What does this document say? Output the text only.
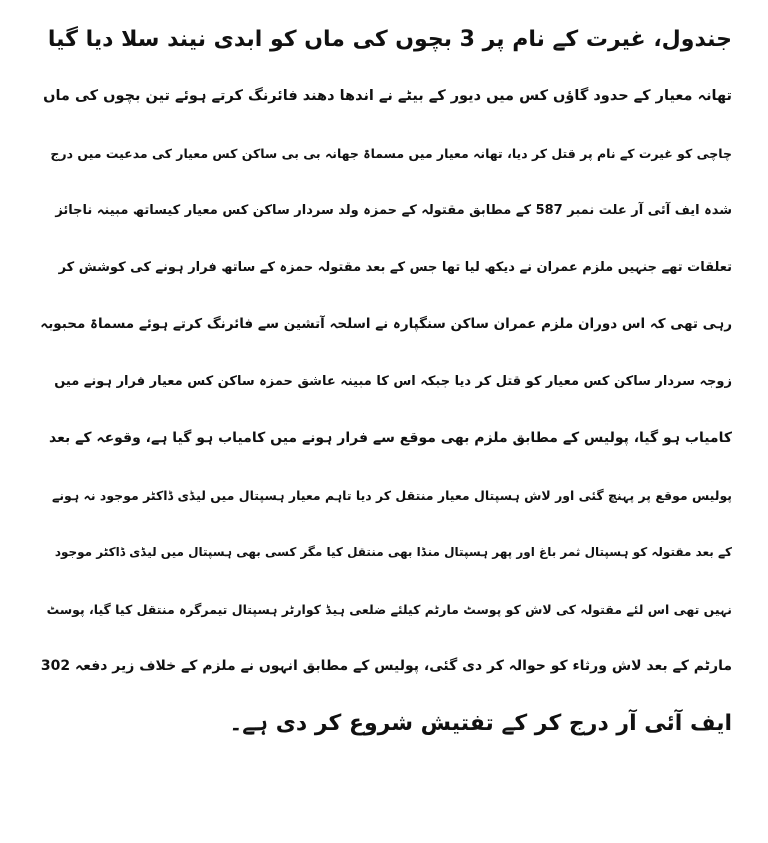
جندول، غیرت کے نام پر 3 بچوں کی ماں کو ابدی نیند سلا دیا گیا

تھانہ معیار کے حدود گاؤں کس میں دیور کے بیٹے نے اندھا دھند فائرنگ کرتے ہوئے تین بچوں کی ماں

چاچی کو غیرت کے نام پر قتل کر دیا، تھانہ معیار میں مسماۃ جھانہ بی بی ساکن کس معیار کی مدعیت میں درج

شدہ ایف آئی آر علت نمبر 587 کے مطابق مقتولہ کے حمزہ ولد سردار ساکن کس معیار کیساتھ مبینہ ناجائز

تعلقات تھے جنہیں ملزم عمران نے دیکھ لیا تھا جس کے بعد مقتولہ حمزہ کے ساتھ فرار ہونے کی کوشش کر

رہی تھی کہ اس دوران ملزم عمران ساکن سنگپارہ نے اسلحہ آتشین سے فائرنگ کرتے ہوئے مسماۃ محبوبہ

زوجہ سردار ساکن کس معیار کو قتل کر دیا جبکہ اس کا مبینہ عاشق حمزہ ساکن کس معیار فرار ہونے میں

کامیاب ہو گیا، پولیس کے مطابق ملزم بھی موقع سے فرار ہونے میں کامیاب ہو گیا ہے، وقوعہ کے بعد

پولیس موقع پر پہنچ گئی اور لاش ہسپتال معیار منتقل کر دیا تاہم معیار ہسپتال میں لیڈی ڈاکٹر موجود نہ ہونے

کے بعد مقتولہ کو ہسپتال ثمر باغ اور پھر ہسپتال منڈا بھی منتقل کیا مگر کسی بھی ہسپتال میں لیڈی ڈاکٹر موجود

نہیں تھی اس لئے مقتولہ کی لاش کو پوسٹ مارٹم کیلئے ضلعی ہیڈ کوارٹر ہسپتال تیمرگرہ منتقل کیا گیا، پوسٹ

مارٹم کے بعد لاش ورثاء کو حوالہ کر دی گئی، پولیس کے مطابق انہوں نے ملزم کے خلاف زیر دفعہ 302

ایف آئی آر درج کر کے تفتیش شروع کر دی ہے۔
